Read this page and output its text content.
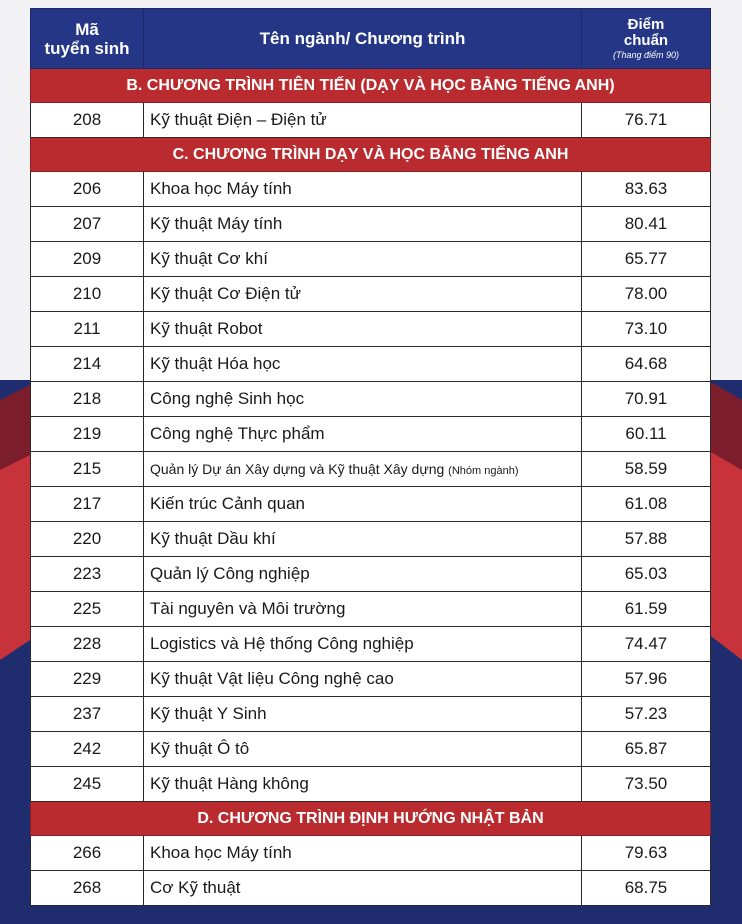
Mã
tuyển sinh	Tên ngành/ Chương trình	Điểm
chuẩn
(Thang điểm 90)

B. CHƯƠNG TRÌNH TIÊN TIẾN (DẠY VÀ HỌC BẰNG TIẾNG ANH)		
208	Kỹ thuật Điện – Điện tử	76.71
C. CHƯƠNG TRÌNH DẠY VÀ HỌC BẰNG TIẾNG ANH		
206	Khoa học Máy tính	83.63
207	Kỹ thuật Máy tính	80.41
209	Kỹ thuật Cơ khí	65.77
210	Kỹ thuật Cơ Điện tử	78.00
211	Kỹ thuật Robot	73.10
214	Kỹ thuật Hóa học	64.68
218	Công nghệ Sinh học	70.91
219	Công nghệ Thực phẩm	60.11
215	Quản lý Dự án Xây dựng và Kỹ thuật Xây dựng (Nhóm ngành)	58.59
217	Kiến trúc Cảnh quan	61.08
220	Kỹ thuật Dầu khí	57.88
223	Quản lý Công nghiệp	65.03
225	Tài nguyên và Môi trường	61.59
228	Logistics và Hệ thống Công nghiệp	74.47
229	Kỹ thuật Vật liệu Công nghệ cao	57.96
237	Kỹ thuật Y Sinh	57.23
242	Kỹ thuật Ô tô	65.87
245	Kỹ thuật Hàng không	73.50
D. CHƯƠNG TRÌNH ĐỊNH HƯỚNG NHẬT BẢN		
266	Khoa học Máy tính	79.63
268	Cơ Kỹ thuật	68.75
